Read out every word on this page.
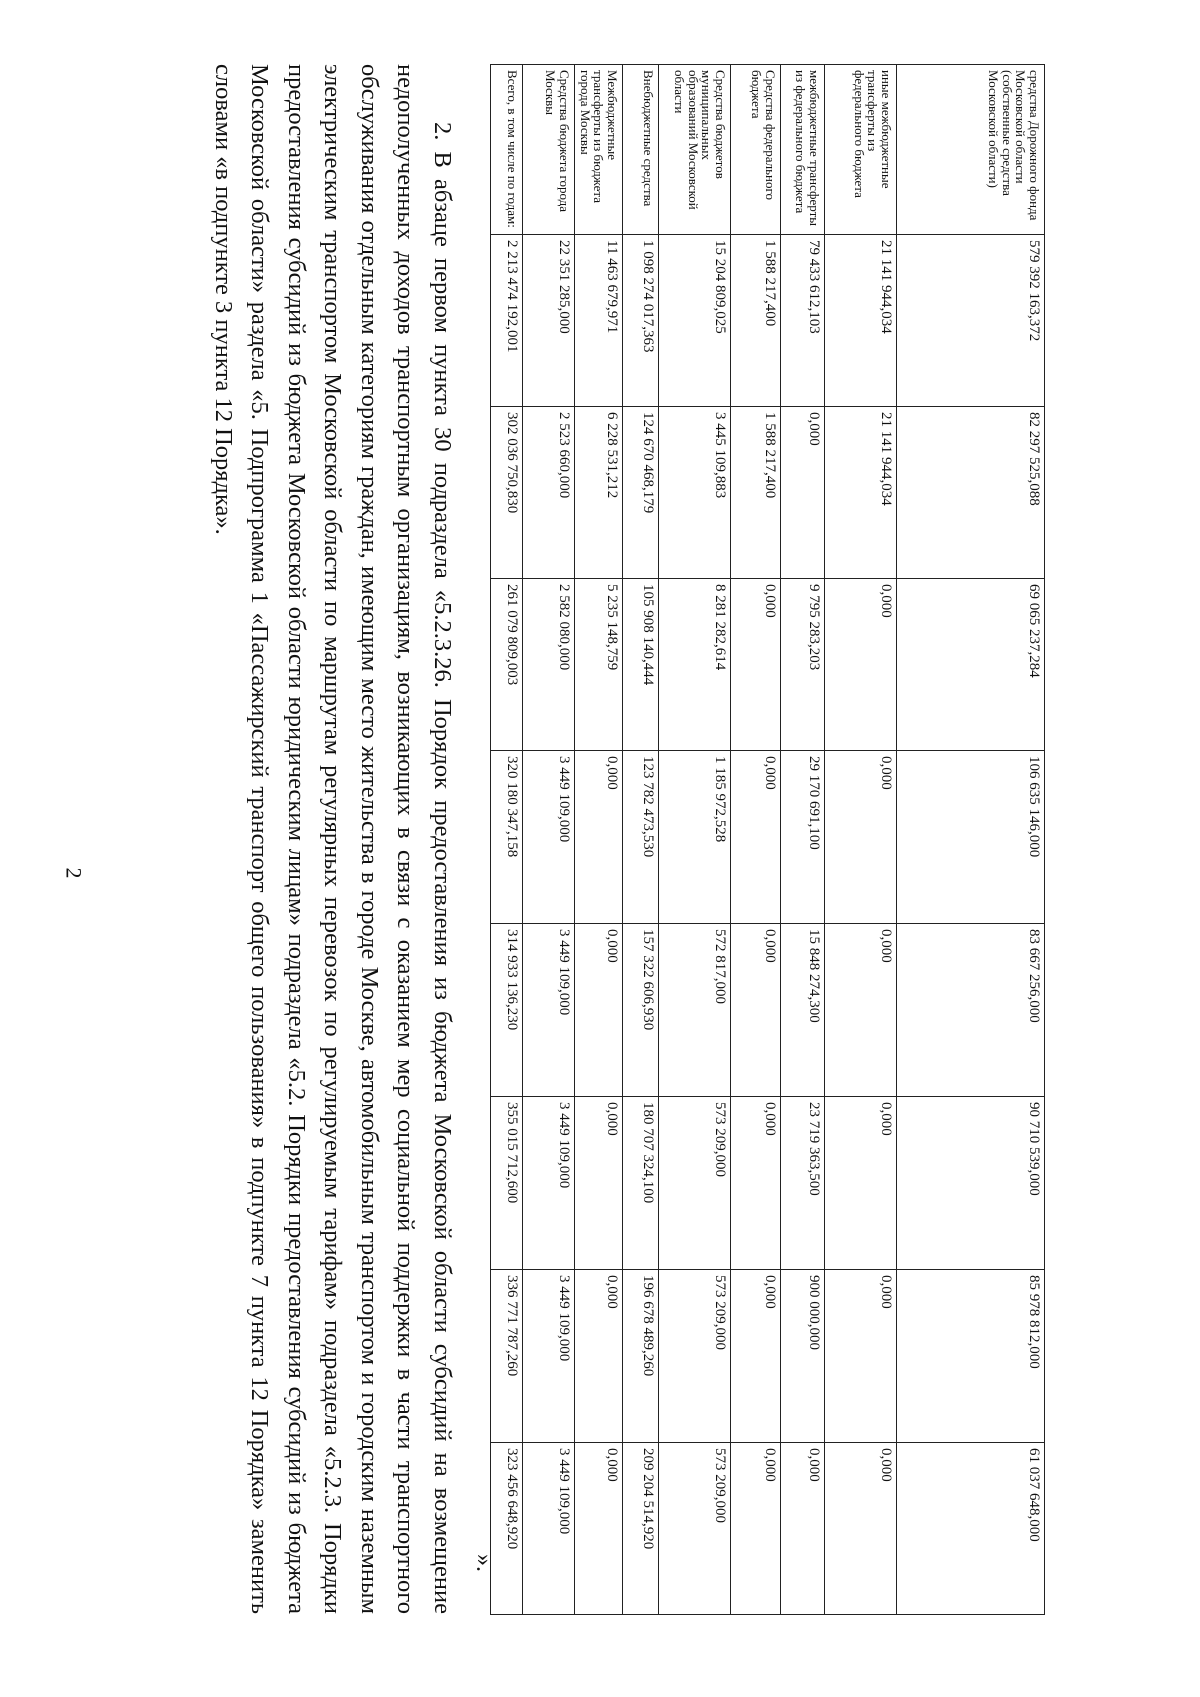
2
средства Дорожного фонда Московской области (собственные средства Московской области)	579 392 163,372	82 297 525,088	69 065 237,284	106 635 146,000	83 667 256,000	90 710 539,000	85 978 812,000	61 037 648,000
иные межбюджетные трансферты из федерального бюджета	21 141 944,034	21 141 944,034	0,000	0,000	0,000	0,000	0,000	0,000
межбюджетные трансферты из федерального бюджета	79 433 612,103	0,000	9 795 283,203	29 170 691,100	15 848 274,300	23 719 363,500	900 000,000	0,000
Средства федерального бюджета	1 588 217,400	1 588 217,400	0,000	0,000	0,000	0,000	0,000	0,000
Средства бюджетов муниципальных образований Московской области	15 204 809,025	3 445 109,883	8 281 282,614	1 185 972,528	572 817,000	573 209,000	573 209,000	573 209,000
Внебюджетные средства	1 098 274 017,363	124 670 468,179	105 908 140,444	123 782 473,530	157 322 606,930	180 707 324,100	196 678 489,260	209 204 514,920
Межбюджетные трансферты из бюджета города Москвы	11 463 679,971	6 228 531,212	5 235 148,759	0,000	0,000	0,000	0,000	0,000
Средства бюджета города Москвы	22 351 285,000	2 523 660,000	2 582 080,000	3 449 109,000	3 449 109,000	3 449 109,000	3 449 109,000	3 449 109,000
Всего, в том числе по годам:	2 213 474 192,001	302 036 750,830	261 079 809,003	320 180 347,158	314 933 136,230	355 015 712,600	336 771 787,260	323 456 648,920
».

2. В абзаце первом пункта 30 подраздела «5.2.3.26. Порядок предоставления из бюджета Московской области субсидий на возмещение недополученных доходов транспортным организациям, возникающих в связи с оказанием мер социальной поддержки в части транспортного обслуживания отдельным категориям граждан, имеющим место жительства в городе Москве, автомобильным транспортом и городским наземным электрическим транспортом Московской области по маршрутам регулярных перевозок по регулируемым тарифам» подраздела «5.2.3. Порядки предоставления субсидий из бюджета Московской области юридическим лицам» подраздела «5.2. Порядки предоставления субсидий из бюджета Московской области» раздела «5. Подпрограмма 1 «Пассажирский транспорт общего пользования» в подпункте 7 пункта 12 Порядка» заменить словами «в подпункте 3 пункта 12 Порядка».
